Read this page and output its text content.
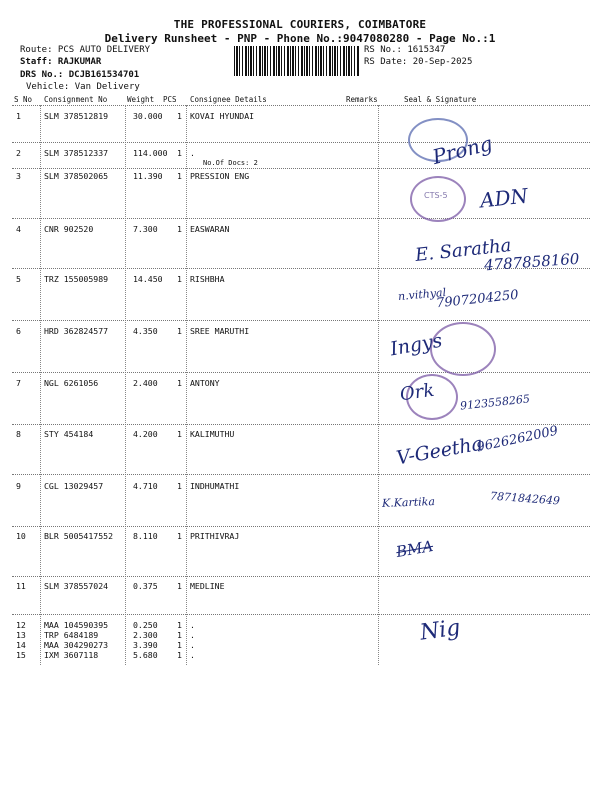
THE PROFESSIONAL COURIERS, COIMBATORE
Delivery Runsheet - PNP - Phone No.:9047080280 - Page No.:1
Route: PCS AUTO DELIVERY
Staff: RAJKUMAR
DRS No.: DCJB161534701
Vehicle: Van Delivery
RS No.: 1615347
RS Date: 20-Sep-2025
S No Consignment No	Weight PCS Consignee Details	Remarks	Seal & Signature
1	SLM 378512819	30.000 1 KOVAI HYUNDAI
2	SLM 378512337	114.000 1 .
No.Of Docs: 2
3	SLM 378502065	11.390 1 PRESSION ENG
4	CNR 902520	7.300 1 EASWARAN
5	TRZ 155005989	14.450 1 RISHBHA
6	HRD 362824577	4.350 1 SREE MARUTHI
7	NGL 6261056	2.400 1 ANTONY
8	STY 454184	4.200 1 KALIMUTHU
9	CGL 13029457	4.710 1 INDHUMATHI
10 BLR 5005417552 8.110 1 PRITHIVRAJ
11 SLM 378557024	0.375 1 MEDLINE
12 MAA 104590395	0.250 1 .
13 TRP 6484189	2.300 1 .
14 MAA 304290273	3.390 1 .
15 IXM 3607118	5.680 1 .
CTS-5
Prong
ADN
E. Saratha
4787858160
n.vithyal
7907204250
Ingys
Ork 9123558265
V-Geetha
9626262009
K.Kartika	7871842649
BMA
Nig
